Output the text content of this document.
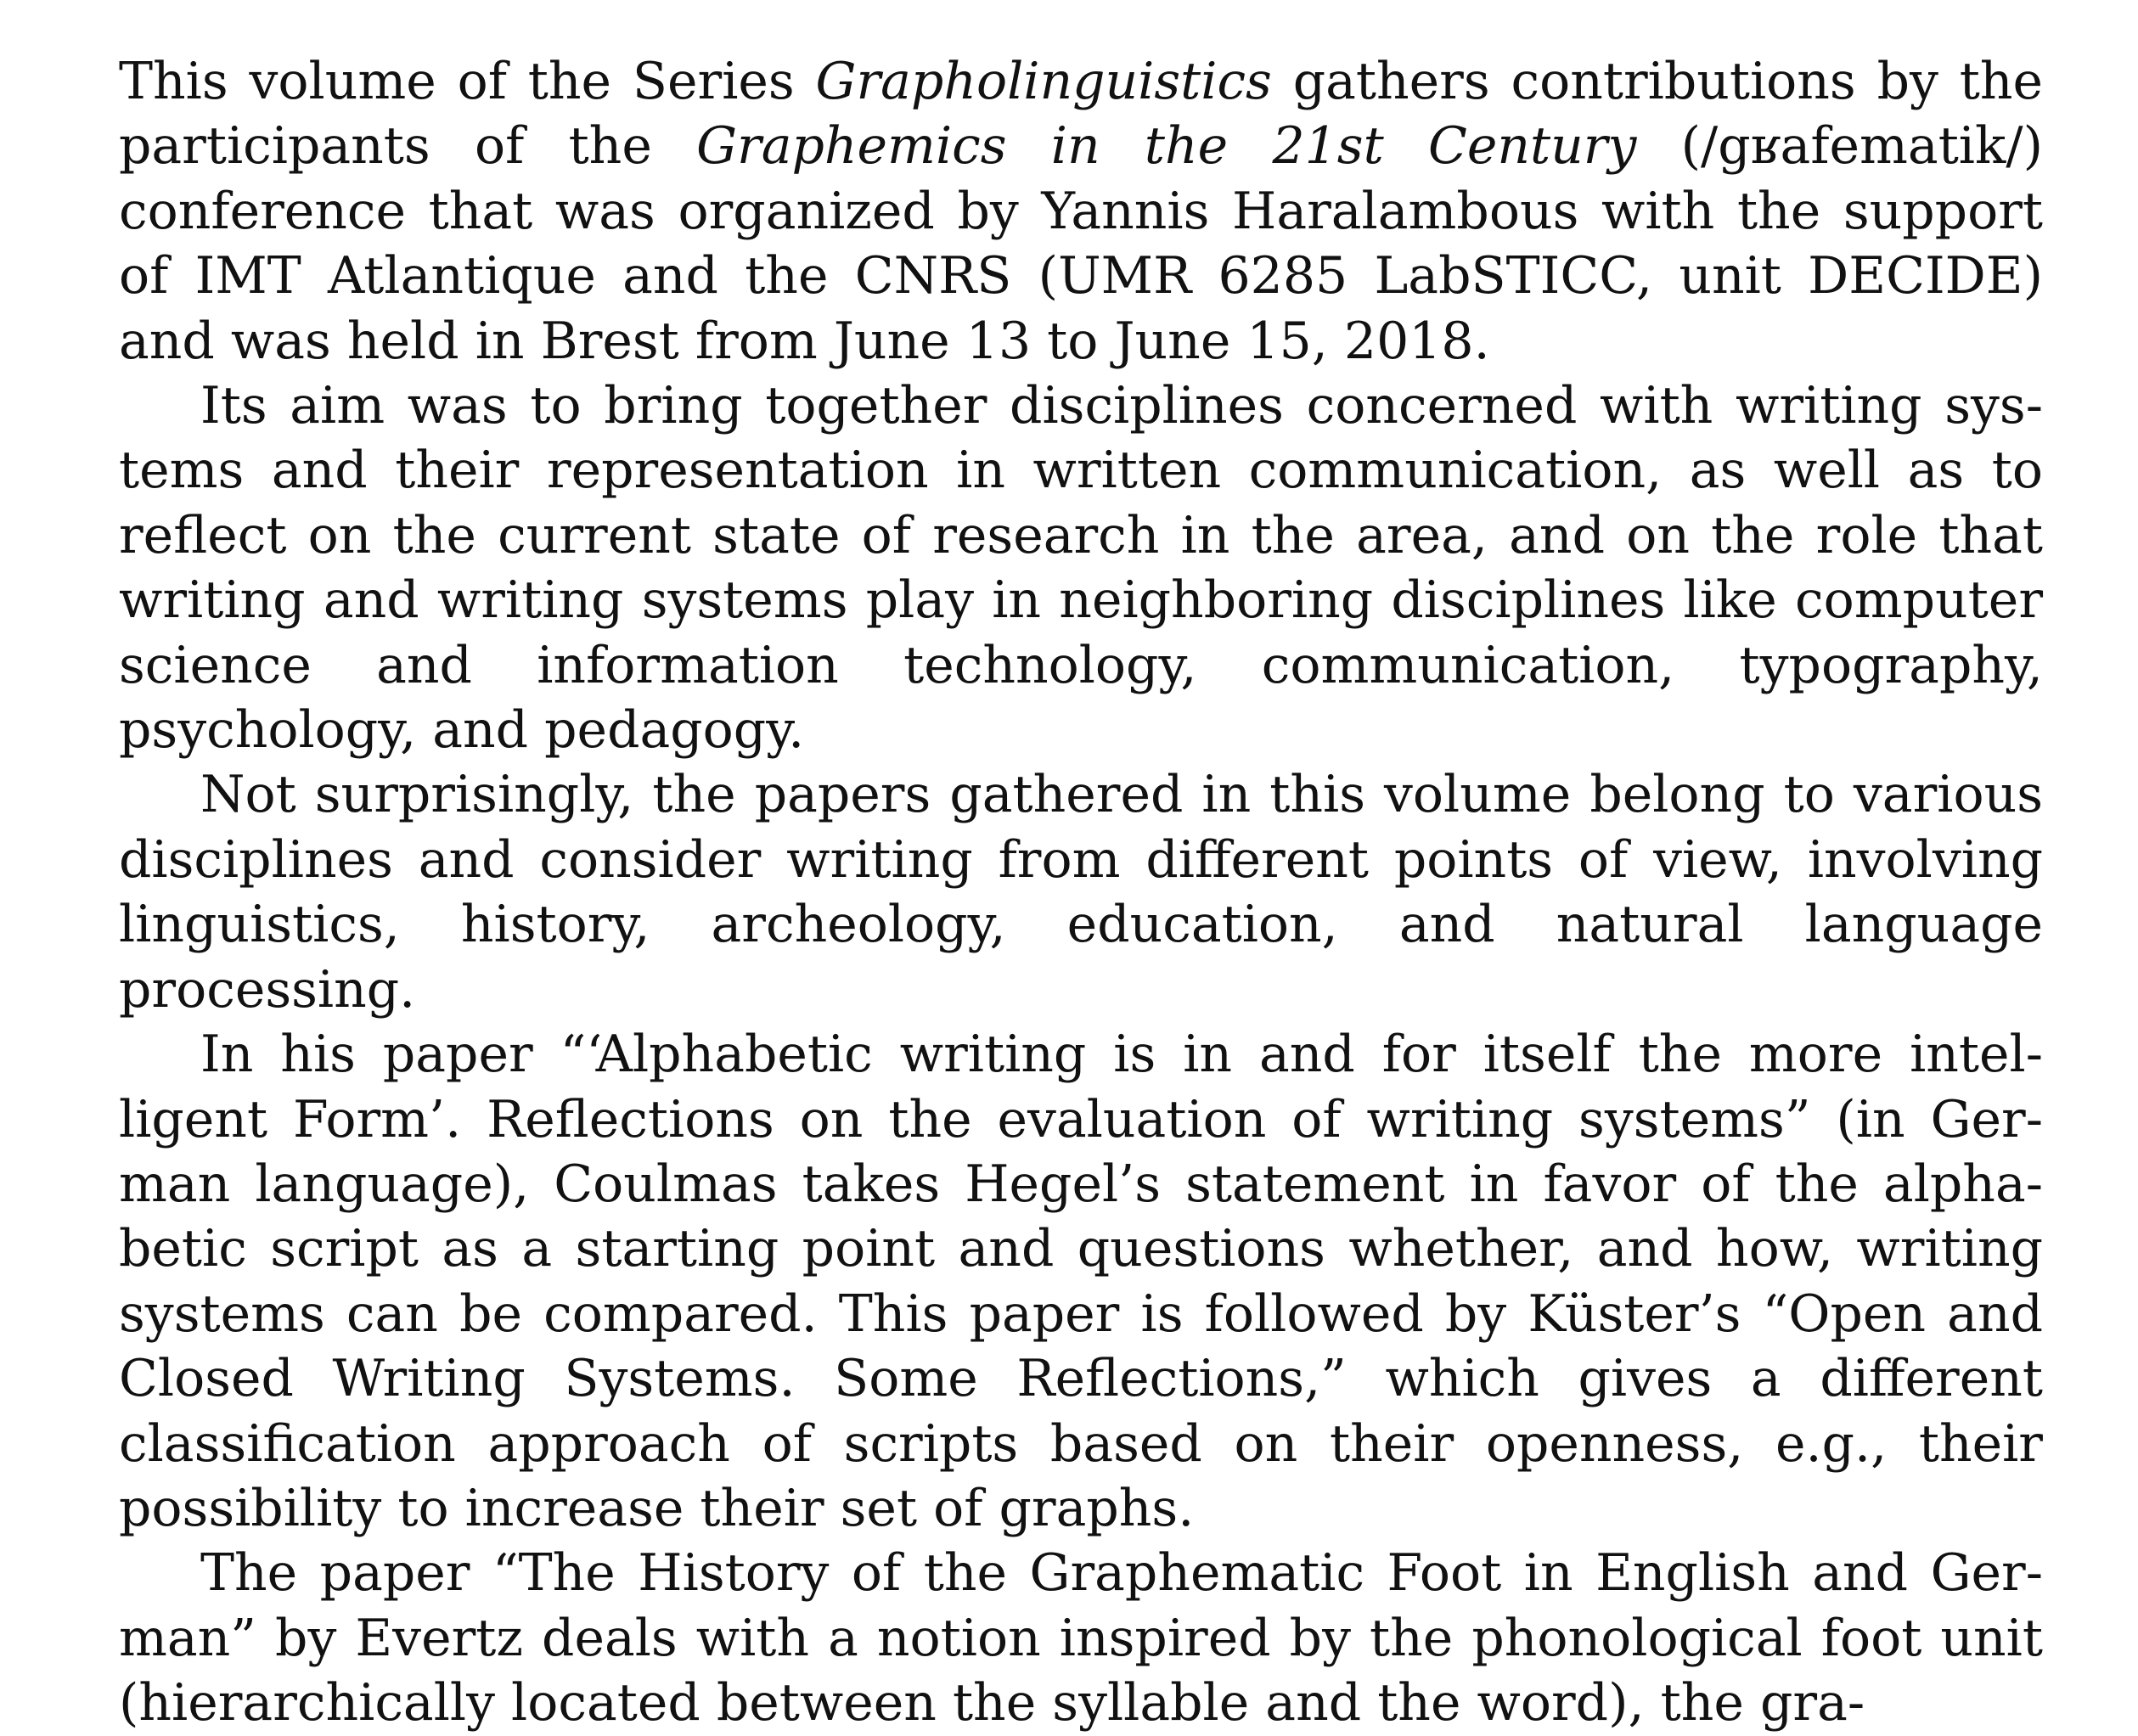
This volume of the Series Grapholinguistics gathers contributions by the participants of the Graphemics in the 21st Century (/gʁafematik/) conference that was organized by Yannis Haralambous with the support of IMT Atlantique and the CNRS (UMR 6285 LabSTICC, unit DECIDE) and was held in Brest from June 13 to June 15, 2018.

Its aim was to bring together disciplines concerned with writing systems and their representation in written communication, as well as to reflect on the current state of research in the area, and on the role that writing and writing systems play in neighboring disciplines like computer science and information technology, communication, typography, psychology, and pedagogy.

Not surprisingly, the papers gathered in this volume belong to various disciplines and consider writing from different points of view, involving linguistics, history, archeology, education, and natural language processing.

In his paper “‘Alphabetic writing is in and for itself the more intelligent Form’. Reflections on the evaluation of writing systems” (in German language), Coulmas takes Hegel’s statement in favor of the alphabetic script as a starting point and questions whether, and how, writing systems can be compared. This paper is followed by Küster’s “Open and Closed Writing Systems. Some Reflections,” which gives a different classification approach of scripts based on their openness, e.g., their possibility to increase their set of graphs.

The paper “The History of the Graphematic Foot in English and German” by Evertz deals with a notion inspired by the phonological foot unit (hierarchically located between the syllable and the word), the gra-
